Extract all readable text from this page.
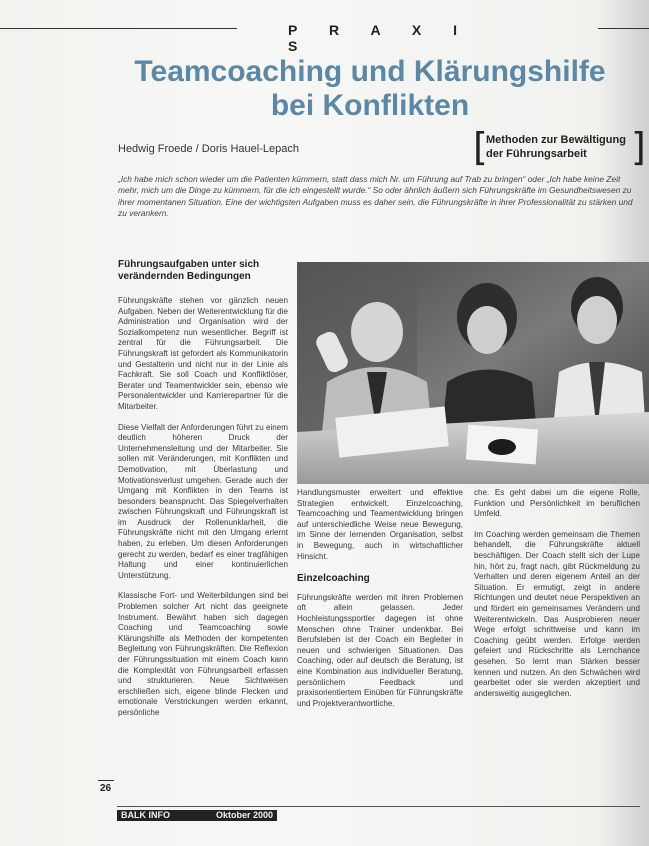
P R A X I S
Teamcoaching und Klärungshilfe
bei Konflikten
Hedwig Froede / Doris Hauel-Lepach	[
Methoden zur Bewältigung
der Führungsarbeit	]
„Ich habe mich schon wieder um die Patienten kümmern, statt dass mich Nr. um Führung auf Trab zu bringen“ oder „Ich habe keine Zeit mehr, mich um die Dinge zu kümmern, für die ich eingestellt wurde.“ So oder ähnlich äußern sich Führungskräfte im Gesundheitswesen zu ihrer momentanen Situation. Eine der wichtigsten Aufgaben muss es daher sein, die Führungskräfte in ihrer Professionalität zu stärken und zu verankern.
Führungsaufgaben unter sich
verändernden Bedingungen

Führungskräfte stehen vor gänzlich neuen Aufgaben. Neben der Weiterentwicklung für die Administration und Organisation wird der Sozialkompetenz nun wesentlicher. Begriff ist zentral für die Führungsarbeit. Die Führungskraft ist gefordert als Kommunikatorin und Gestalterin und nicht nur in der Linie als Fachkraft. Sie soll Coach und Konfliktlöser, Berater und Teamentwickler sein, ebenso wie Personalentwickler und Karrierepartner für die Mitarbeiter.

Diese Vielfalt der Anforderungen führt zu einem deutlich höheren Druck der Unternehmensleitung und der Mitarbeiter. Sie sollen mit Veränderungen, mit Konflikten und Demotivation, mit Überlastung und Motivationsverlust umgehen. Gerade auch der Umgang mit Konflikten in den Teams ist besonders beansprucht. Das Spiegelverhalten zwischen Führungskraft und Führungskraft ist im Ausdruck der Rollenunklarheit, die Führungskräfte nicht mit den Umgang erlernt haben, zu erleben. Um diesen Anforderungen gerecht zu werden, bedarf es einer tragfähigen Haltung und einer kontinuierlichen Unterstützung.

Klassische Fort- und Weiterbildungen sind bei Problemen solcher Art nicht das geeignete Instrument. Bewährt haben sich dagegen Coaching und Teamcoaching sowie Klärungshilfe als Methoden der kompetenten Begleitung von Führungskräften. Die Reflexion der Führungssituation mit einem Coach kann die Komplexität von Führungsarbeit erfassen und strukturieren. Neue Sichtweisen erschließen sich, eigene blinde Flecken und emotionale Verstrickungen werden erkannt, persönliche

Handlungsmuster erweitert und effektive Strategien entwickelt. Einzelcoaching, Teamcoaching und Teamentwicklung bringen auf unterschiedliche Weise neue Bewegung, im Sinne der lernenden Organisation, selbst in Bewegung, auch in wirtschaftlicher Hinsicht.

Einzelcoaching

Führungskräfte werden mit ihren Problemen oft allein gelassen. Jeder Hochleistungssportler dagegen ist ohne Menschen ohne Trainer undenkbar. Bei Berufsleben ist der Coach ein Begleiter in neuen und schwierigen Situationen. Das Coaching, oder auf deutsch die Beratung, ist eine Kombination aus individueller Beratung, persönlichem Feedback und praxisorientiertem Einüben für Führungskräfte und Projektverantwortliche.

che. Es geht dabei um die eigene Rolle, Funktion und Persönlichkeit im beruflichen Umfeld.

Im Coaching werden gemeinsam die Themen behandelt, die Führungskräfte aktuell beschäftigen. Der Coach stellt sich der Lupe hin, hört zu, fragt nach, gibt Rückmeldung zu Verhalten und deren eigenem Anteil an der Situation. Er ermutigt, zeigt in andere Richtungen und deutet neue Perspektiven an und fördert ein gemeinsames Verändern und Weiterentwickeln. Das Ausprobieren neuer Wege erfolgt schrittweise und kann im Coaching geübt werden. Erfolge werden gefeiert und Rückschritte als Lernchance gesehen. So lernt man Stärken besser kennen und nutzen. An den Schwächen wird gearbeitet oder sie werden akzeptiert und andersweitig ausgeglichen.

26
BALK INFO	Oktober 2000
